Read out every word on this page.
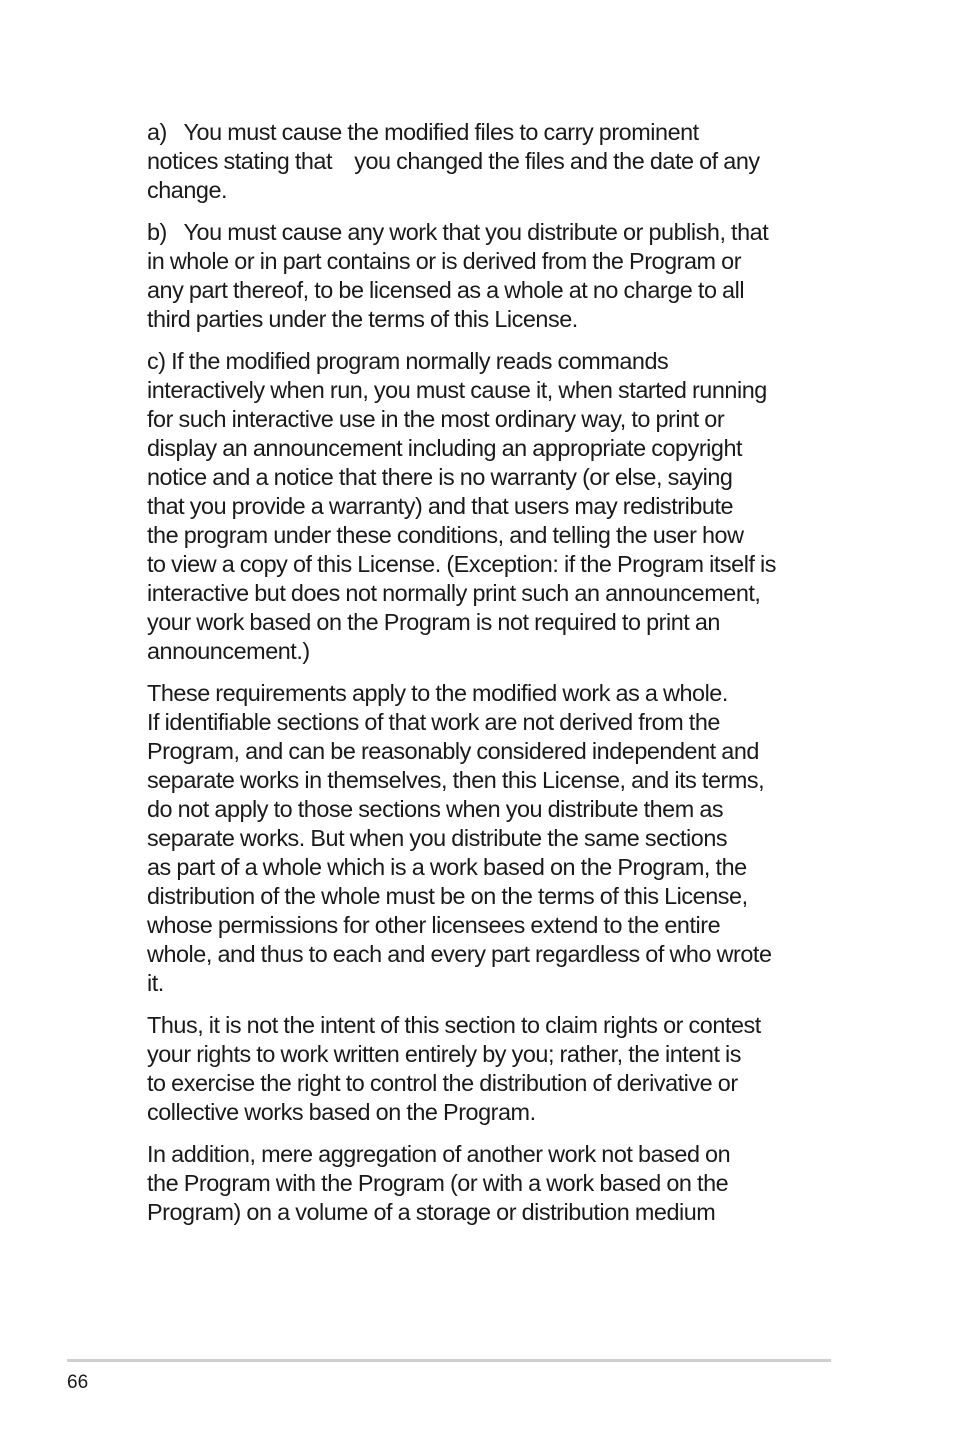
a)   You must cause the modified files to carry prominent
notices stating that    you changed the files and the date of any
change.

b)   You must cause any work that you distribute or publish, that
in whole or in part contains or is derived from the Program or
any part thereof, to be licensed as a whole at no charge to all
third parties under the terms of this License.

c) If the modified program normally reads commands
interactively when run, you must cause it, when started running
for such interactive use in the most ordinary way, to print or
display an announcement including an appropriate copyright
notice and a notice that there is no warranty (or else, saying
that you provide a warranty) and that users may redistribute
the program under these conditions, and telling the user how
to view a copy of this License. (Exception: if the Program itself is
interactive but does not normally print such an announcement,
your work based on the Program is not required to print an
announcement.)

These requirements apply to the modified work as a whole.
If identifiable sections of that work are not derived from the
Program, and can be reasonably considered independent and
separate works in themselves, then this License, and its terms,
do not apply to those sections when you distribute them as
separate works. But when you distribute the same sections
as part of a whole which is a work based on the Program, the
distribution of the whole must be on the terms of this License,
whose permissions for other licensees extend to the entire
whole, and thus to each and every part regardless of who wrote
it.

Thus, it is not the intent of this section to claim rights or contest
your rights to work written entirely by you; rather, the intent is
to exercise the right to control the distribution of derivative or
collective works based on the Program.

In addition, mere aggregation of another work not based on
the Program with the Program (or with a work based on the
Program) on a volume of a storage or distribution medium

66
